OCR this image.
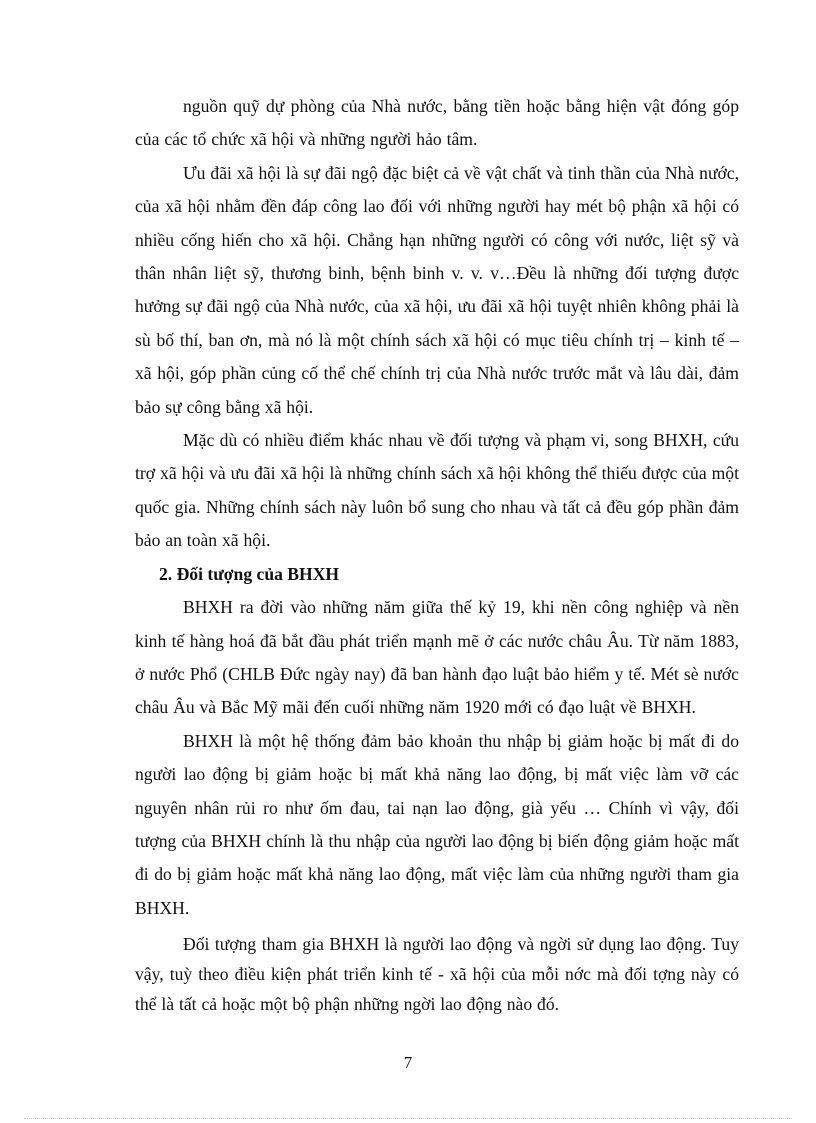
nguồn quỹ dự phòng của Nhà nước, bằng tiền hoặc bằng hiện vật đóng góp của các tổ chức xã hội và những người hảo tâm.

Ưu đãi xã hội là sự đãi ngộ đặc biệt cả về vật chất và tinh thần của Nhà nước, của xã hội nhằm đền đáp công lao đối với những người hay mét bộ phận xã hội có nhiều cống hiến cho xã hội. Chẳng hạn những người có công với nước, liệt sỹ và thân nhân liệt sỹ, thương binh, bệnh binh v. v. v…Đều là những đối tượng được hưởng sự đãi ngộ của Nhà nước, của xã hội, ưu đãi xã hội tuyệt nhiên không phải là sù bố thí, ban ơn, mà nó là một chính sách xã hội có mục tiêu chính trị – kinh tế – xã hội, góp phần củng cố thể chế chính trị của Nhà nước trước mắt và lâu dài, đảm bảo sự công bằng xã hội.

Mặc dù có nhiều điểm khác nhau về đối tượng và phạm vi, song BHXH, cứu trợ xã hội và ưu đãi xã hội là những chính sách xã hội không thể thiếu được của một quốc gia. Những chính sách này luôn bổ sung cho nhau và tất cả đều góp phần đảm bảo an toàn xã hội.

2. Đối tượng của BHXH

BHXH ra đời vào những năm giữa thế kỷ 19, khi nền công nghiệp và nền kinh tế hàng hoá đã bắt đầu phát triển mạnh mẽ ở các nước châu Âu. Từ năm 1883, ở nước Phổ (CHLB Đức ngày nay) đã ban hành đạo luật bảo hiểm y tế. Mét sè nước châu Âu và Bắc Mỹ mãi đến cuối những năm 1920 mới có đạo luật về BHXH.

BHXH là một hệ thống đảm bảo khoản thu nhập bị giảm hoặc bị mất đi do người lao động bị giảm hoặc bị mất khả năng lao động, bị mất việc làm vỡ các nguyên nhân rủi ro như ốm đau, tai nạn lao động, già yếu … Chính vì vậy, đối tượng của BHXH chính là thu nhập của người lao động bị biến động giảm hoặc mất đi do bị giảm hoặc mất khả năng lao động, mất việc làm của những người tham gia BHXH.

Đối tượng tham gia BHXH là người lao động và ngời sử dụng lao động. Tuy vậy, tuỳ theo điều kiện phát triển kinh tế - xã hội của mỗi nớc mà đối tợng này có thể là tất cả hoặc một bộ phận những ngời lao động nào đó.

7
